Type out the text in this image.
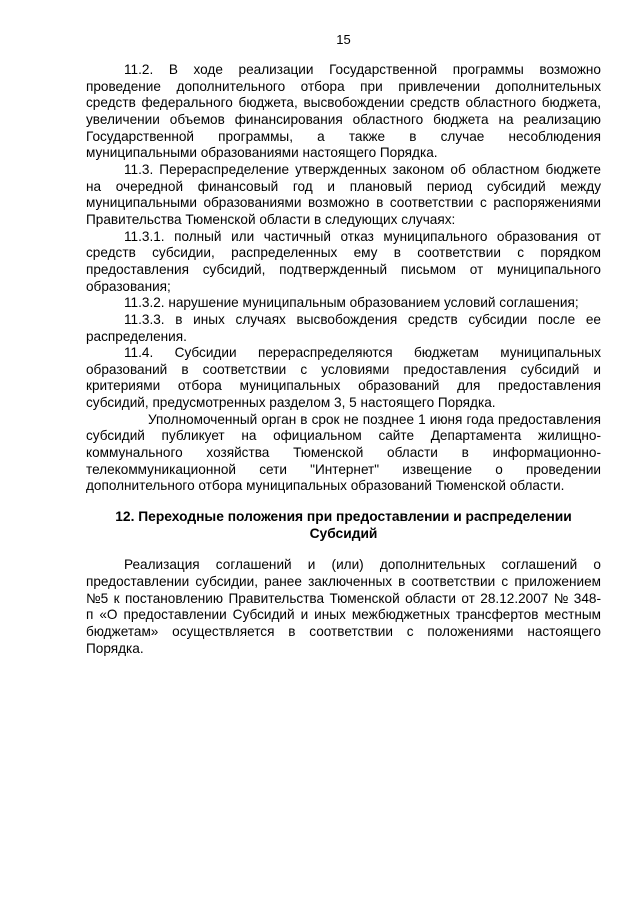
15
11.2. В ходе реализации Государственной программы возможно
проведение дополнительного отбора при привлечении дополнительных
средств федерального бюджета, высвобождении средств областного бюджета,
увеличении объемов финансирования областного бюджета на реализацию
Государственной программы, а также в случае несоблюдения
муниципальными образованиями настоящего Порядка.
11.3. Перераспределение утвержденных законом об областном бюджете
на очередной финансовый год и плановый период субсидий между
муниципальными образованиями возможно в соответствии с распоряжениями
Правительства Тюменской области в следующих случаях:
11.3.1. полный или частичный отказ муниципального образования от
средств субсидии, распределенных ему в соответствии с порядком
предоставления субсидий, подтвержденный письмом от муниципального
образования;
11.3.2. нарушение муниципальным образованием условий соглашения;
11.3.3. в иных случаях высвобождения средств субсидии после ее
распределения.
11.4. Субсидии перераспределяются бюджетам муниципальных
образований в соответствии с условиями предоставления субсидий и
критериями отбора муниципальных образований для предоставления
субсидий, предусмотренных разделом 3, 5 настоящего Порядка.
Уполномоченный орган в срок не позднее 1 июня года предоставления
субсидий публикует на официальном сайте Департамента жилищно-
коммунального хозяйства Тюменской области в информационно-
телекоммуникационной сети "Интернет" извещение о проведении
дополнительного отбора муниципальных образований Тюменской области.
12. Переходные положения при предоставлении и распределении
Субсидий
Реализация соглашений и (или) дополнительных соглашений о
предоставлении субсидии, ранее заключенных в соответствии с приложением
№5 к постановлению Правительства Тюменской области от 28.12.2007 № 348-
п «О предоставлении Субсидий и иных межбюджетных трансфертов местным
бюджетам» осуществляется в соответствии с положениями настоящего
Порядка.
